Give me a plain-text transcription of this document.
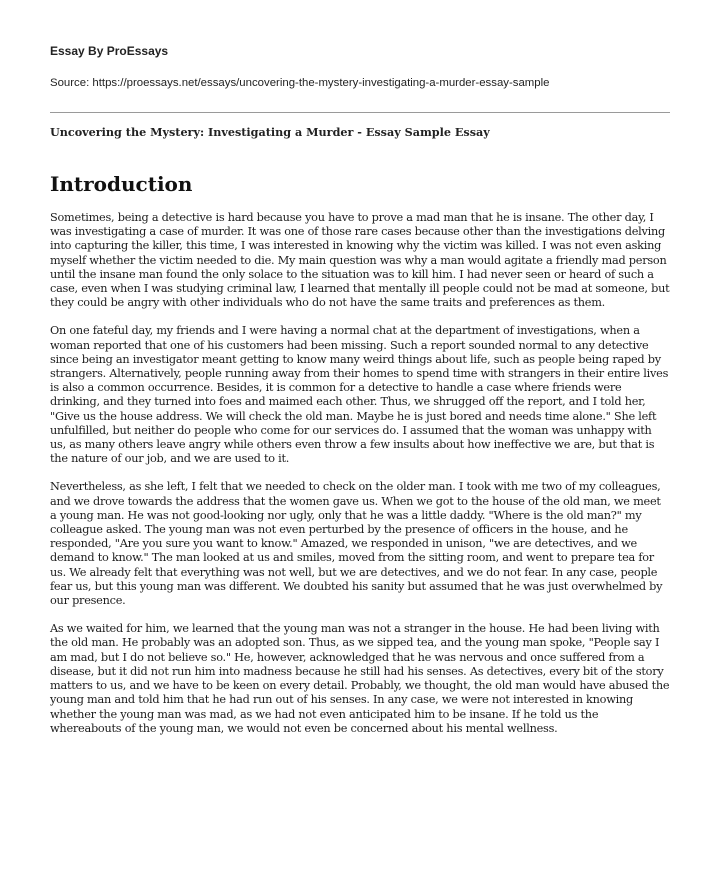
Essay By ProEssays
Source: https://proessays.net/essays/uncovering-the-mystery-investigating-a-murder-essay-sample
Uncovering the Mystery: Investigating a Murder - Essay Sample Essay
Introduction

Sometimes, being a detective is hard because you have to prove a mad man that he is insane. The other day, I was investigating a case of murder. It was one of those rare cases because other than the investigations delving into capturing the killer, this time, I was interested in knowing why the victim was killed. I was not even asking myself whether the victim needed to die. My main question was why a man would agitate a friendly mad person until the insane man found the only solace to the situation was to kill him. I had never seen or heard of such a case, even when I was studying criminal law, I learned that mentally ill people could not be mad at someone, but they could be angry with other individuals who do not have the same traits and preferences as them.

On one fateful day, my friends and I were having a normal chat at the department of investigations, when a woman reported that one of his customers had been missing. Such a report sounded normal to any detective since being an investigator meant getting to know many weird things about life, such as people being raped by strangers. Alternatively, people running away from their homes to spend time with strangers in their entire lives is also a common occurrence. Besides, it is common for a detective to handle a case where friends were drinking, and they turned into foes and maimed each other. Thus, we shrugged off the report, and I told her, "Give us the house address. We will check the old man. Maybe he is just bored and needs time alone." She left unfulfilled, but neither do people who come for our services do. I assumed that the woman was unhappy with us, as many others leave angry while others even throw a few insults about how ineffective we are, but that is the nature of our job, and we are used to it.

Nevertheless, as she left, I felt that we needed to check on the older man. I took with me two of my colleagues, and we drove towards the address that the women gave us. When we got to the house of the old man, we meet a young man. He was not good-looking nor ugly, only that he was a little daddy. "Where is the old man?" my colleague asked. The young man was not even perturbed by the presence of officers in the house, and he responded, "Are you sure you want to know." Amazed, we responded in unison, "we are detectives, and we demand to know." The man looked at us and smiles, moved from the sitting room, and went to prepare tea for us. We already felt that everything was not well, but we are detectives, and we do not fear. In any case, people fear us, but this young man was different. We doubted his sanity but assumed that he was just overwhelmed by our presence.

As we waited for him, we learned that the young man was not a stranger in the house. He had been living with the old man. He probably was an adopted son. Thus, as we sipped tea, and the young man spoke, "People say I am mad, but I do not believe so." He, however, acknowledged that he was nervous and once suffered from a disease, but it did not run him into madness because he still had his senses. As detectives, every bit of the story matters to us, and we have to be keen on every detail. Probably, we thought, the old man would have abused the young man and told him that he had run out of his senses. In any case, we were not interested in knowing whether the young man was mad, as we had not even anticipated him to be insane. If he told us the whereabouts of the young man, we would not even be concerned about his mental wellness.
